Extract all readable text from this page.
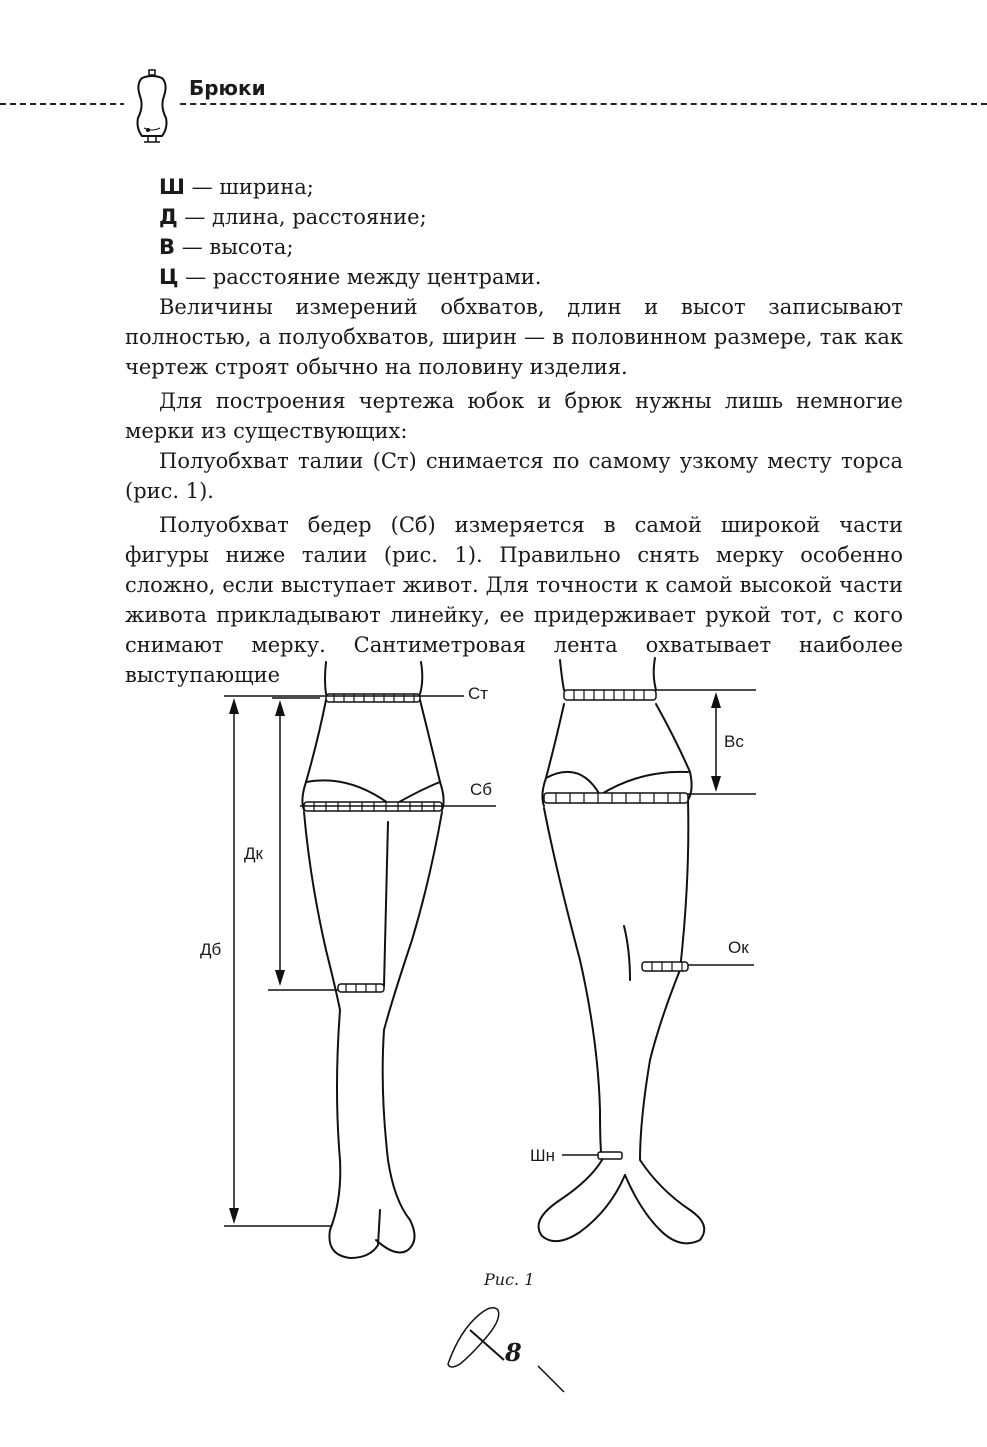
Брюки

Ш — ширина;

Д — длина, расстояние;

В — высота;

Ц — расстояние между центрами.

Величины измерений обхватов, длин и высот записывают полностью, а полуобхватов, ширин — в половинном размере, так как чертеж строят обычно на половину изделия.

Для построения чертежа юбок и брюк нужны лишь немногие мерки из существующих:

Полуобхват талии (Ст) снимается по самому узкому месту торса (рис. 1).

Полуобхват бедер (Сб) измеряется в самой широкой части фигуры ниже талии (рис. 1). Правильно снять мерку особенно сложно, если выступает живот. Для точности к самой высокой части живота прикладывают линейку, ее придерживает рукой тот, с кого снимают мерку. Сантиметровая лента охватывает наиболее выступающие

Ст
Сб
Дк
Дб
Вс
Ок
Шн
Рис. 1
8
